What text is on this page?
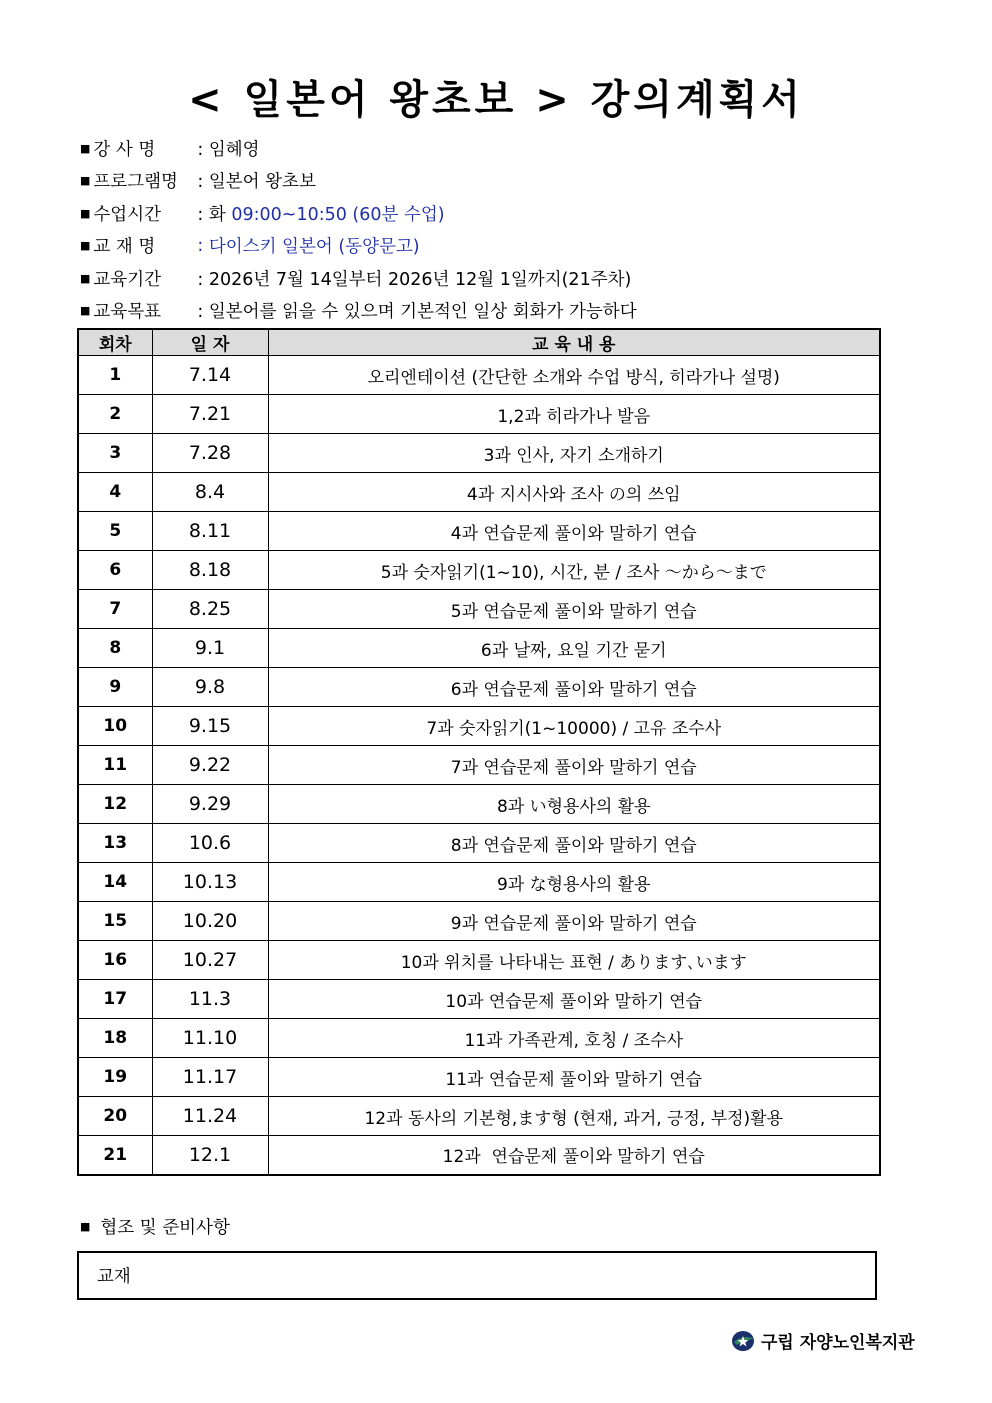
< 일본어 왕초보 > 강의계획서
■ 강 사 명	: 임혜영
■ 프로그램명	: 일본어 왕초보
■ 수업시간	: 화 09:00~10:50 (60분 수업)
■ 교 재 명	: 다이스키 일본어 (동양문고)
■ 교육기간	: 2026년 7월 14일부터 2026년 12월 1일까지(21주차)
■ 교육목표	: 일본어를 읽을 수 있으며 기본적인 일상 회화가 가능하다
회차	일 자	교 육 내 용
1	7.14	오리엔테이션 (간단한 소개와 수업 방식, 히라가나 설명)
2	7.21	1,2과 히라가나 발음
3	7.28	3과 인사, 자기 소개하기
4	8.4	4과 지시사와 조사 の의 쓰임
5	8.11	4과 연습문제 풀이와 말하기 연습
6	8.18	5과 숫자읽기(1~10), 시간, 분 / 조사 ～から～まで
7	8.25	5과 연습문제 풀이와 말하기 연습
8	9.1	6과 날짜, 요일 기간 묻기
9	9.8	6과 연습문제 풀이와 말하기 연습
10	9.15	7과 숫자읽기(1~10000) / 고유 조수사
11	9.22	7과 연습문제 풀이와 말하기 연습
12	9.29	8과 い형용사의 활용
13	10.6	8과 연습문제 풀이와 말하기 연습
14	10.13	9과 な형용사의 활용
15	10.20	9과 연습문제 풀이와 말하기 연습
16	10.27	10과 위치를 나타내는 표현 / あります､います
17	11.3	10과 연습문제 풀이와 말하기 연습
18	11.10	11과 가족관계, 호칭 / 조수사
19	11.17	11과 연습문제 풀이와 말하기 연습
20	11.24	12과 동사의 기본형,ます형 (현재, 과거, 긍정, 부정)활용
21	12.1	12과  연습문제 풀이와 말하기 연습
■ 협조 및 준비사항
교재
구립 자양노인복지관
